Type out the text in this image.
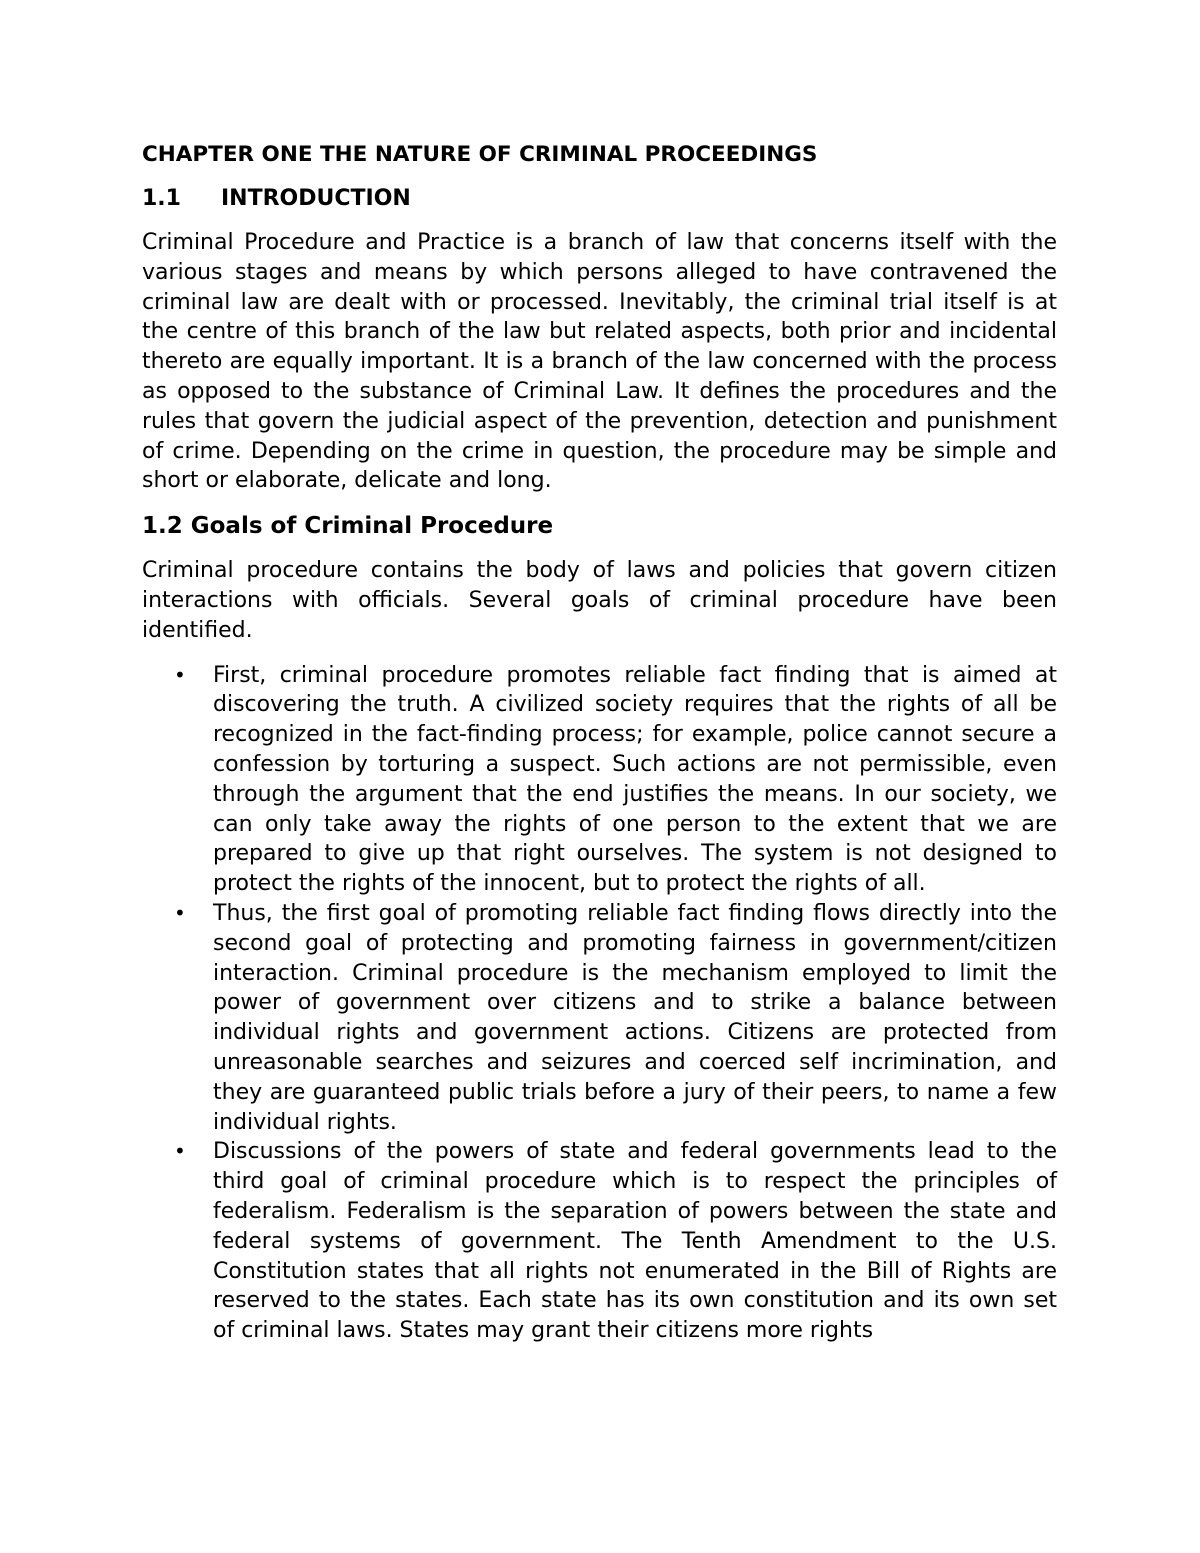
CHAPTER ONE THE NATURE OF CRIMINAL PROCEEDINGS
1.1	INTRODUCTION

Criminal Procedure and Practice is a branch of law that concerns itself with the various stages and means by which persons alleged to have contravened the criminal law are dealt with or processed. Inevitably, the criminal trial itself is at the centre of this branch of the law but related aspects, both prior and incidental thereto are equally important. It is a branch of the law concerned with the process as opposed to the substance of Criminal Law. It defines the procedures and the rules that govern the judicial aspect of the prevention, detection and punishment of crime. Depending on the crime in question, the procedure may be simple and short or elaborate, delicate and long.

1.2 Goals of Criminal Procedure

Criminal procedure contains the body of laws and policies that govern citizen interactions with officials. Several goals of criminal procedure have been identified.

• First, criminal procedure promotes reliable fact finding that is aimed at discovering the truth. A civilized society requires that the rights of all be recognized in the fact-finding process; for example, police cannot secure a confession by torturing a suspect. Such actions are not permissible, even through the argument that the end justifies the means. In our society, we can only take away the rights of one person to the extent that we are prepared to give up that right ourselves. The system is not designed to protect the rights of the innocent, but to protect the rights of all.
• Thus, the first goal of promoting reliable fact finding flows directly into the second goal of protecting and promoting fairness in government/citizen interaction. Criminal procedure is the mechanism employed to limit the power of government over citizens and to strike a balance between individual rights and government actions. Citizens are protected from unreasonable searches and seizures and coerced self incrimination, and they are guaranteed public trials before a jury of their peers, to name a few individual rights.
• Discussions of the powers of state and federal governments lead to the third goal of criminal procedure which is to respect the principles of federalism. Federalism is the separation of powers between the state and federal systems of government. The Tenth Amendment to the U.S. Constitution states that all rights not enumerated in the Bill of Rights are reserved to the states. Each state has its own constitution and its own set of criminal laws. States may grant their citizens more rights
